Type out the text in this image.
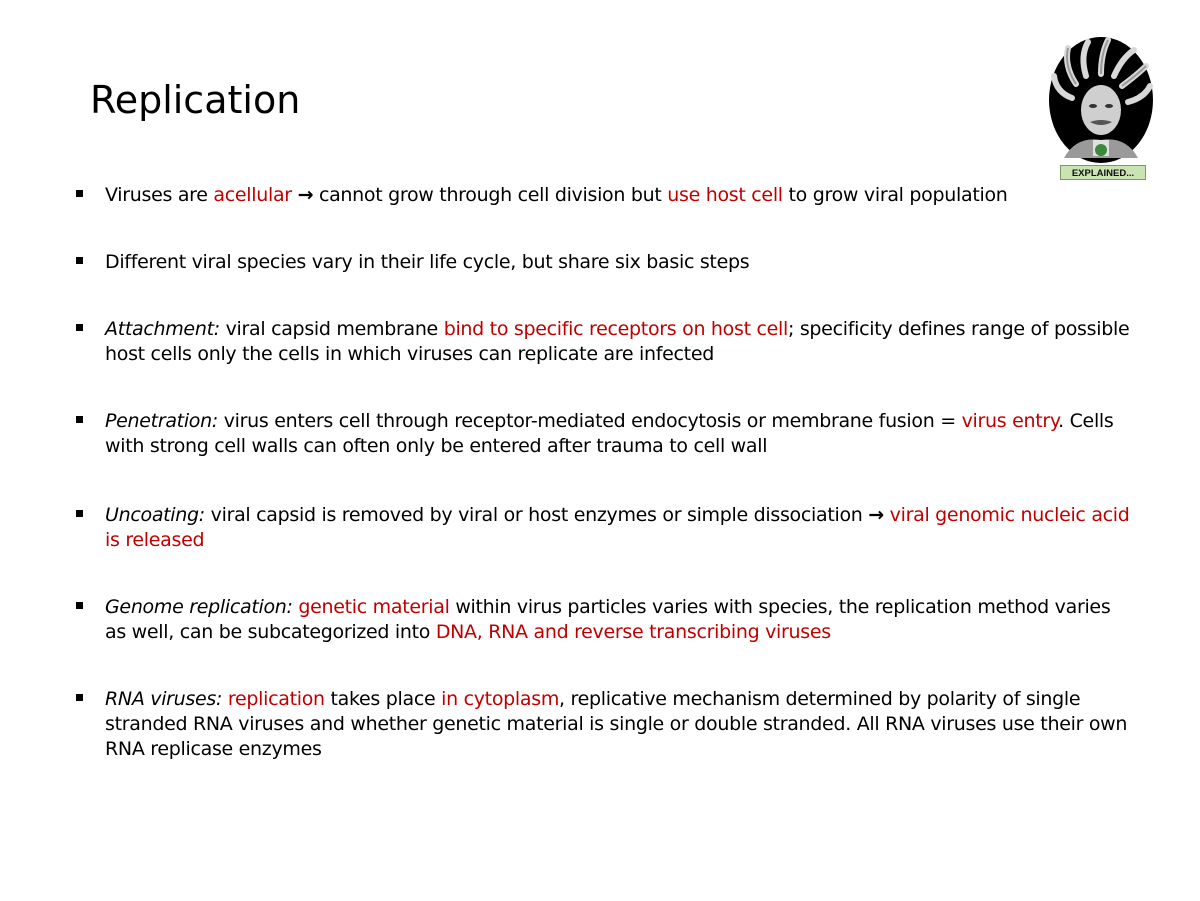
Replication
EXPLAINED...
Viruses are acellular → cannot grow through cell division but use host cell to grow viral population
Different viral species vary in their life cycle, but share six basic steps
Attachment: viral capsid membrane bind to specific receptors on host cell; specificity defines range of possible host cells only the cells in which viruses can replicate are infected
Penetration: virus enters cell through receptor-mediated endocytosis or membrane fusion = virus entry. Cells with strong cell walls can often only be entered after trauma to cell wall
Uncoating: viral capsid is removed by viral or host enzymes or simple dissociation → viral genomic nucleic acid is released
Genome replication: genetic material within virus particles varies with species, the replication method varies as well, can be subcategorized into DNA, RNA and reverse transcribing viruses
RNA viruses: replication takes place in cytoplasm, replicative mechanism determined by polarity of single stranded RNA viruses and whether genetic material is single or double stranded. All RNA viruses use their own RNA replicase enzymes
